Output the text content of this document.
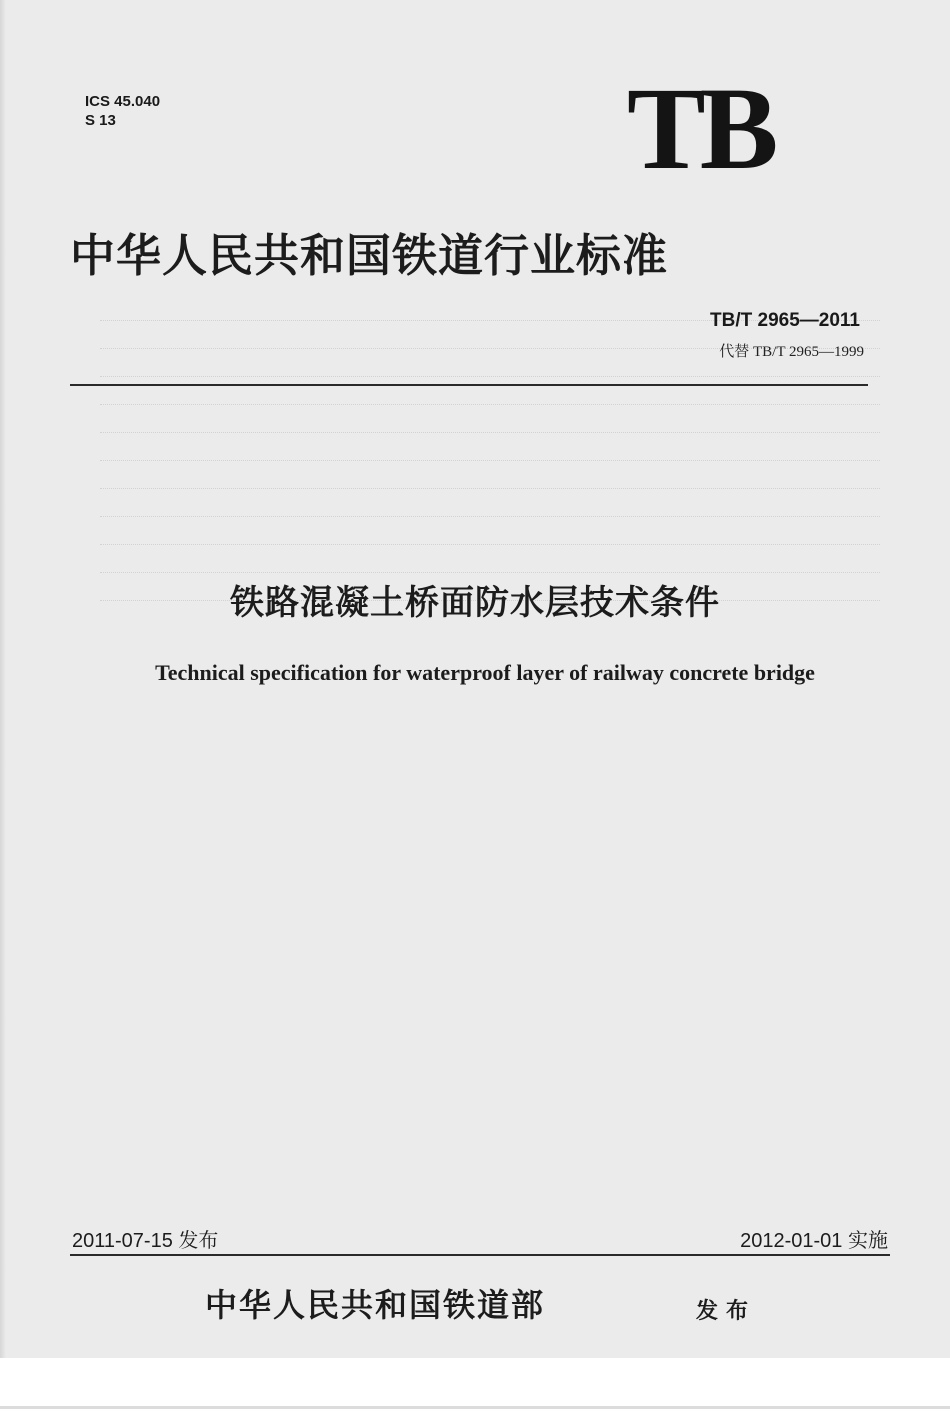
ICS 45.040
S 13	TB
中华人民共和国铁道行业标准
TB/T 2965—2011
代替 TB/T 2965—1999
铁路混凝土桥面防水层技术条件
Technical specification for waterproof layer of railway concrete bridge
2011-07-15 发布	2012-01-01 实施
中华人民共和国铁道部	发布
